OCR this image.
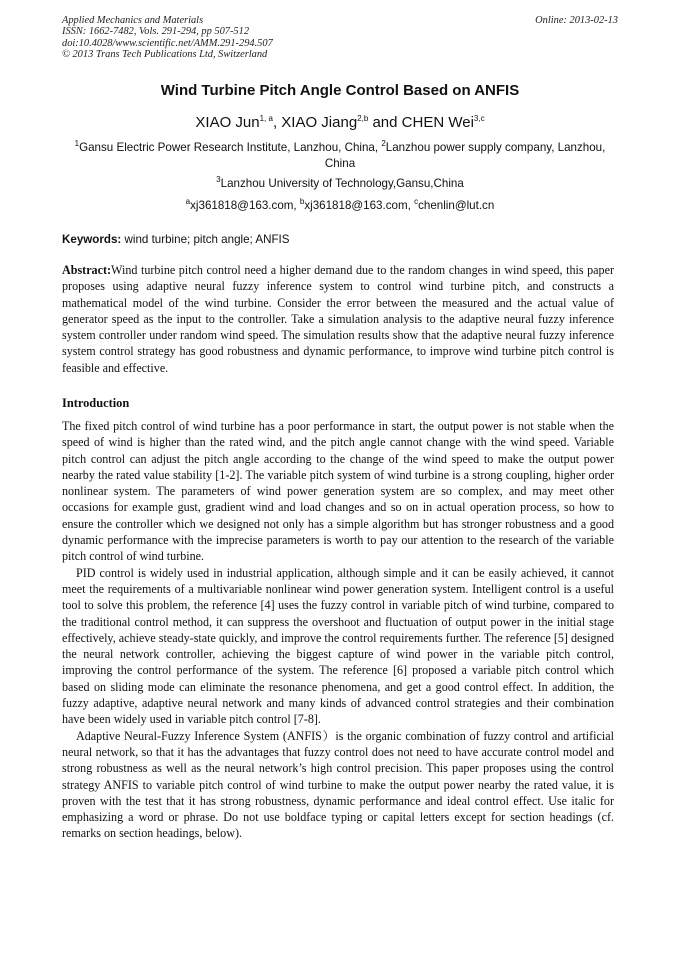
Applied Mechanics and Materials
ISSN: 1662-7482, Vols. 291-294, pp 507-512
doi:10.4028/www.scientific.net/AMM.291-294.507
© 2013 Trans Tech Publications Ltd, Switzerland
Online: 2013-02-13
Wind Turbine Pitch Angle Control Based on ANFIS
XIAO Jun$^{1, a}$, XIAO Jiang$^{2,b}$ and CHEN Wei$^{3,c}$
$^1$Gansu Electric Power Research Institute, Lanzhou, China, $^2$Lanzhou power supply company, Lanzhou, China
$^3$Lanzhou University of Technology,Gansu,China
$^a$xj361818@163.com, $^b$xj361818@163.com, $^c$chenlin@lut.cn
Keywords: wind turbine; pitch angle; ANFIS

Abstract:Wind turbine pitch control need a higher demand due to the random changes in wind speed, this paper proposes using adaptive neural fuzzy inference system to control wind turbine pitch, and constructs a mathematical model of the wind turbine. Consider the error between the measured and the actual value of generator speed as the input to the controller. Take a simulation analysis to the adaptive neural fuzzy inference system controller under random wind speed. The simulation results show that the adaptive neural fuzzy inference system control strategy has good robustness and dynamic performance, to improve wind turbine pitch control is feasible and effective.

Introduction

The fixed pitch control of wind turbine has a poor performance in start, the output power is not stable when the speed of wind is higher than the rated wind, and the pitch angle cannot change with the wind speed. Variable pitch control can adjust the pitch angle according to the change of the wind speed to make the output power nearby the rated value stability [1-2]. The variable pitch system of wind turbine is a strong coupling, higher order nonlinear system. The parameters of wind power generation system are so complex, and may meet other occasions for example gust, gradient wind and load changes and so on in actual operation process, so how to ensure the controller which we designed not only has a simple algorithm but has stronger robustness and a good dynamic performance with the imprecise parameters is worth to pay our attention to the research of the variable pitch control of wind turbine.

PID control is widely used in industrial application, although simple and it can be easily achieved, it cannot meet the requirements of a multivariable nonlinear wind power generation system. Intelligent control is a useful tool to solve this problem, the reference [4] uses the fuzzy control in variable pitch of wind turbine, compared to the traditional control method, it can suppress the overshoot and fluctuation of output power in the initial stage effectively, achieve steady-state quickly, and improve the control requirements further. The reference [5] designed the neural network controller, achieving the biggest capture of wind power in the variable pitch control, improving the control performance of the system. The reference [6] proposed a variable pitch control which based on sliding mode can eliminate the resonance phenomena, and get a good control effect. In addition, the fuzzy adaptive, adaptive neural network and many kinds of advanced control strategies and their combination have been widely used in variable pitch control [7-8].

Adaptive Neural-Fuzzy Inference System (ANFIS）is the organic combination of fuzzy control and artificial neural network, so that it has the advantages that fuzzy control does not need to have accurate control model and strong robustness as well as the neural network’s high control precision. This paper proposes using the control strategy ANFIS to variable pitch control of wind turbine to make the output power nearby the rated value, it is proven with the test that it has strong robustness, dynamic performance and ideal control effect. Use italic for emphasizing a word or phrase. Do not use boldface typing or capital letters except for section headings (cf. remarks on section headings, below).
